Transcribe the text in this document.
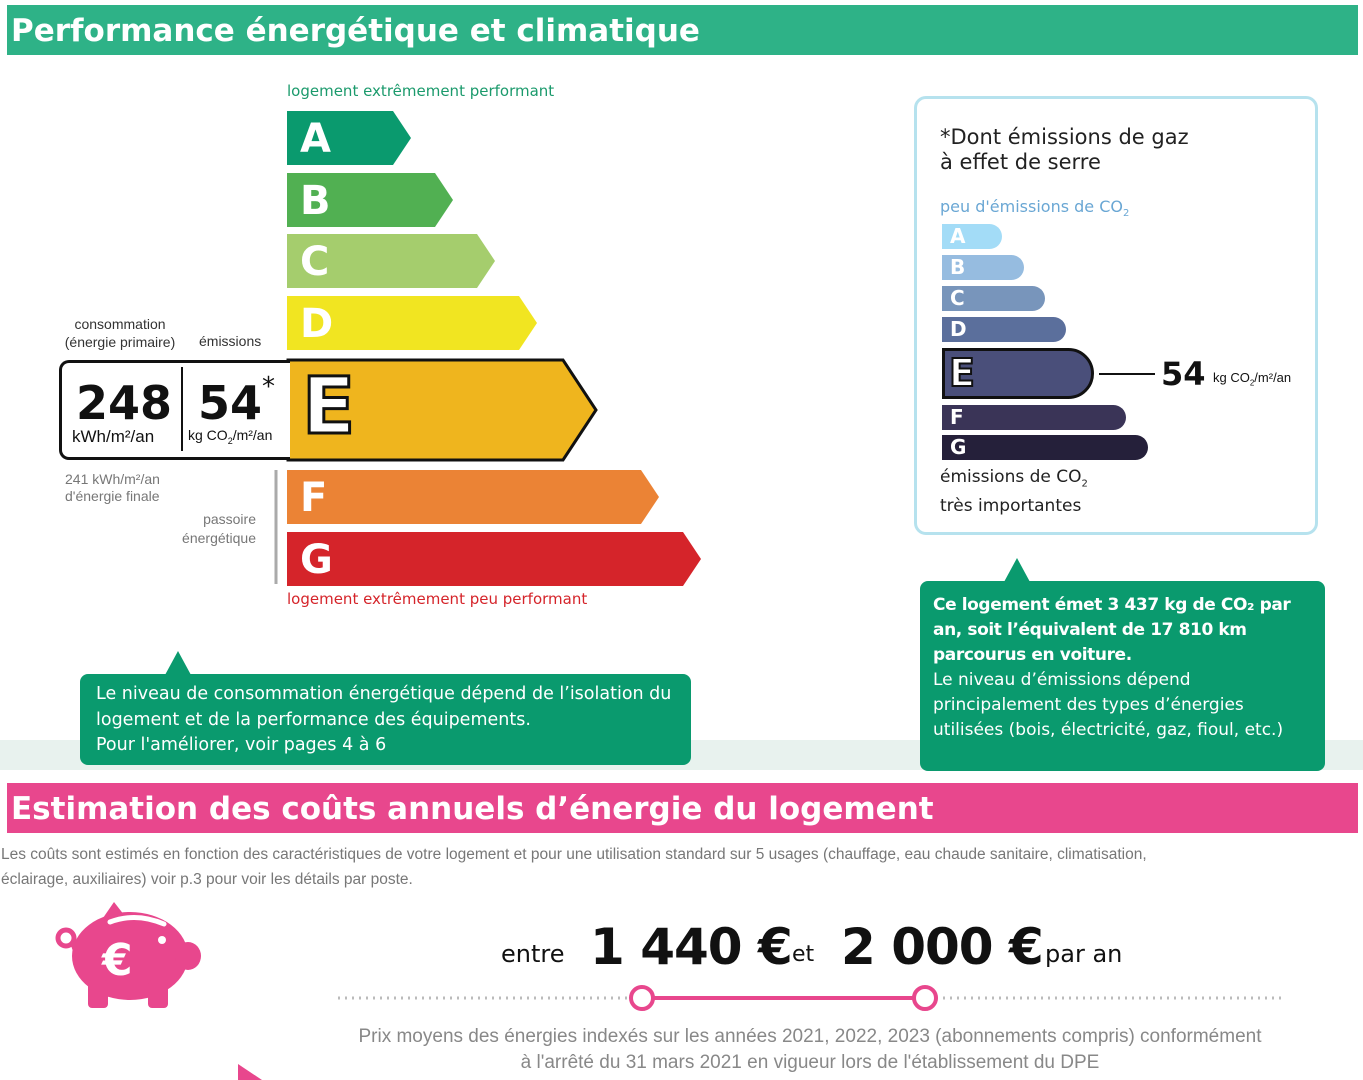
Performance énergétique et climatique
logement extrêmement performant
logement extrêmement peu performant
A
B
C
D
E
F
G
consommation
(énergie primaire)	émissions
248
kWh/m²/an
54*
kg $CO_2/m^2/an$
241 kWh/m²/an
d'énergie finale
passoire
énergétique
Le niveau de consommation énergétique dépend de l’isolation du
logement et de la performance des équipements.
Pour l'améliorer, voir pages 4 à 6
*Dont émissions de gaz
à effet de serre
peu d'émissions de $CO_2$
A
B
C
D
E
F
G
54 kg $CO_2/m^2/an$
émissions de $CO_2$
très importantes
Ce logement émet 3 437 kg de CO₂ par
an, soit l’équivalent de 17 810 km
parcourus en voiture.
Le niveau d’émissions dépend
principalement des types d’énergies
utilisées (bois, électricité, gaz, fioul, etc.)
Estimation des coûts annuels d’énergie du logement
Les coûts sont estimés en fonction des caractéristiques de votre logement et pour une utilisation standard sur 5 usages (chauffage, eau chaude sanitaire, climatisation,
éclairage, auxiliaires) voir p.3 pour voir les détails par poste.
€	entre 1 440 € et 2 000 € par an
Prix moyens des énergies indexés sur les années 2021, 2022, 2023 (abonnements compris) conformément
à l'arrêté du 31 mars 2021 en vigueur lors de l'établissement du DPE
